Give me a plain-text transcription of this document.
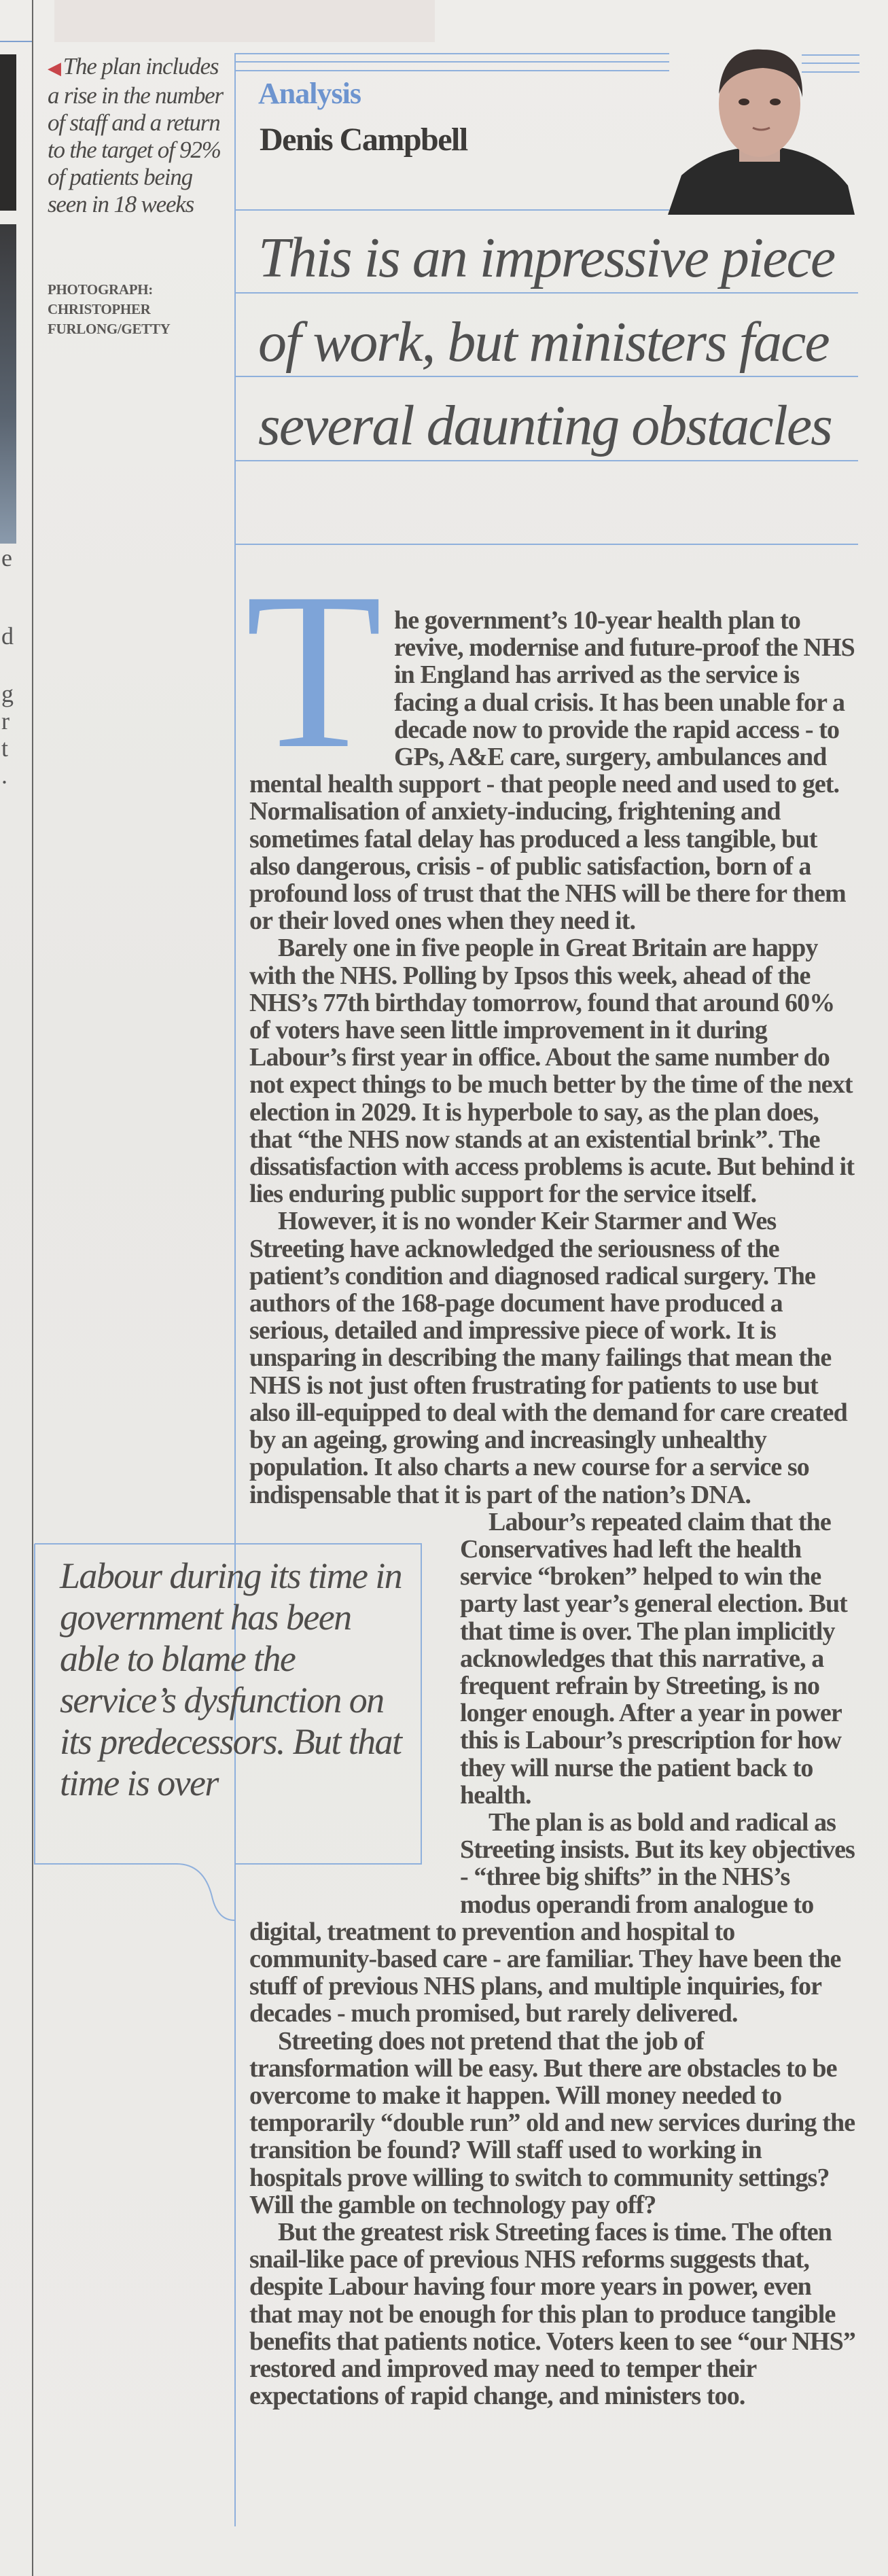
e
d
g
r
t
.
◀ The plan includes a rise in the number of staff and a return to the target of 92% of patients being seen in 18 weeks
PHOTOGRAPH: CHRISTOPHER FURLONG/GETTY
Analysis
Denis Campbell
This is an impressive piece of work, but ministers face several daunting obstacles
T he government’s 10-year health plan to revive, modernise and future-proof the NHS in England has arrived as the service is facing a dual crisis. It has been unable for a decade now to provide the rapid access - to GPs, A&E care, surgery, ambulances and mental health support - that people need and used to get. Normalisation of anxiety-inducing, frightening and sometimes fatal delay has produced a less tangible, but also dangerous, crisis - of public satisfaction, born of a profound loss of trust that the NHS will be there for them or their loved ones when they need it.

Barely one in five people in Great Britain are happy with the NHS. Polling by Ipsos this week, ahead of the NHS’s 77th birthday tomorrow, found that around 60% of voters have seen little improvement in it during Labour’s first year in office. About the same number do not expect things to be much better by the time of the next election in 2029. It is hyperbole to say, as the plan does, that “the NHS now stands at an existential brink”. The dissatisfaction with access problems is acute. But behind it lies enduring public support for the service itself.

However, it is no wonder Keir Starmer and Wes Streeting have acknowledged the seriousness of the patient’s condition and diagnosed radical surgery. The authors of the 168-page document have produced a serious, detailed and impressive piece of work. It is unsparing in describing the many failings that mean the NHS is not just often frustrating for patients to use but also ill-equipped to deal with the demand for care created by an ageing, growing and increasingly unhealthy population. It also charts a new course for a service so indispensable that it is part of the nation’s DNA.

Labour’s repeated claim that the Conservatives had left the health service “broken” helped to win the party last year’s general election. But that time is over. The plan implicitly acknowledges that this narrative, a frequent refrain by Streeting, is no longer enough. After a year in power this is Labour’s prescription for how they will nurse the patient back to health.

The plan is as bold and radical as Streeting insists. But its key objectives - “three big shifts” in the NHS’s modus operandi from analogue to digital, treatment to prevention and hospital to community-based care - are familiar. They have been the stuff of previous NHS plans, and multiple inquiries, for decades - much promised, but rarely delivered.

Streeting does not pretend that the job of transformation will be easy. But there are obstacles to be overcome to make it happen. Will money needed to temporarily “double run” old and new services during the transition be found? Will staff used to working in hospitals prove willing to switch to community settings? Will the gamble on technology pay off?

But the greatest risk Streeting faces is time. The often snail-like pace of previous NHS reforms suggests that, despite Labour having four more years in power, even that may not be enough for this plan to produce tangible benefits that patients notice. Voters keen to see “our NHS” restored and improved may need to temper their expectations of rapid change, and ministers too.

Labour during its time in government has been able to blame the service’s dysfunction on its predecessors. But that time is over
